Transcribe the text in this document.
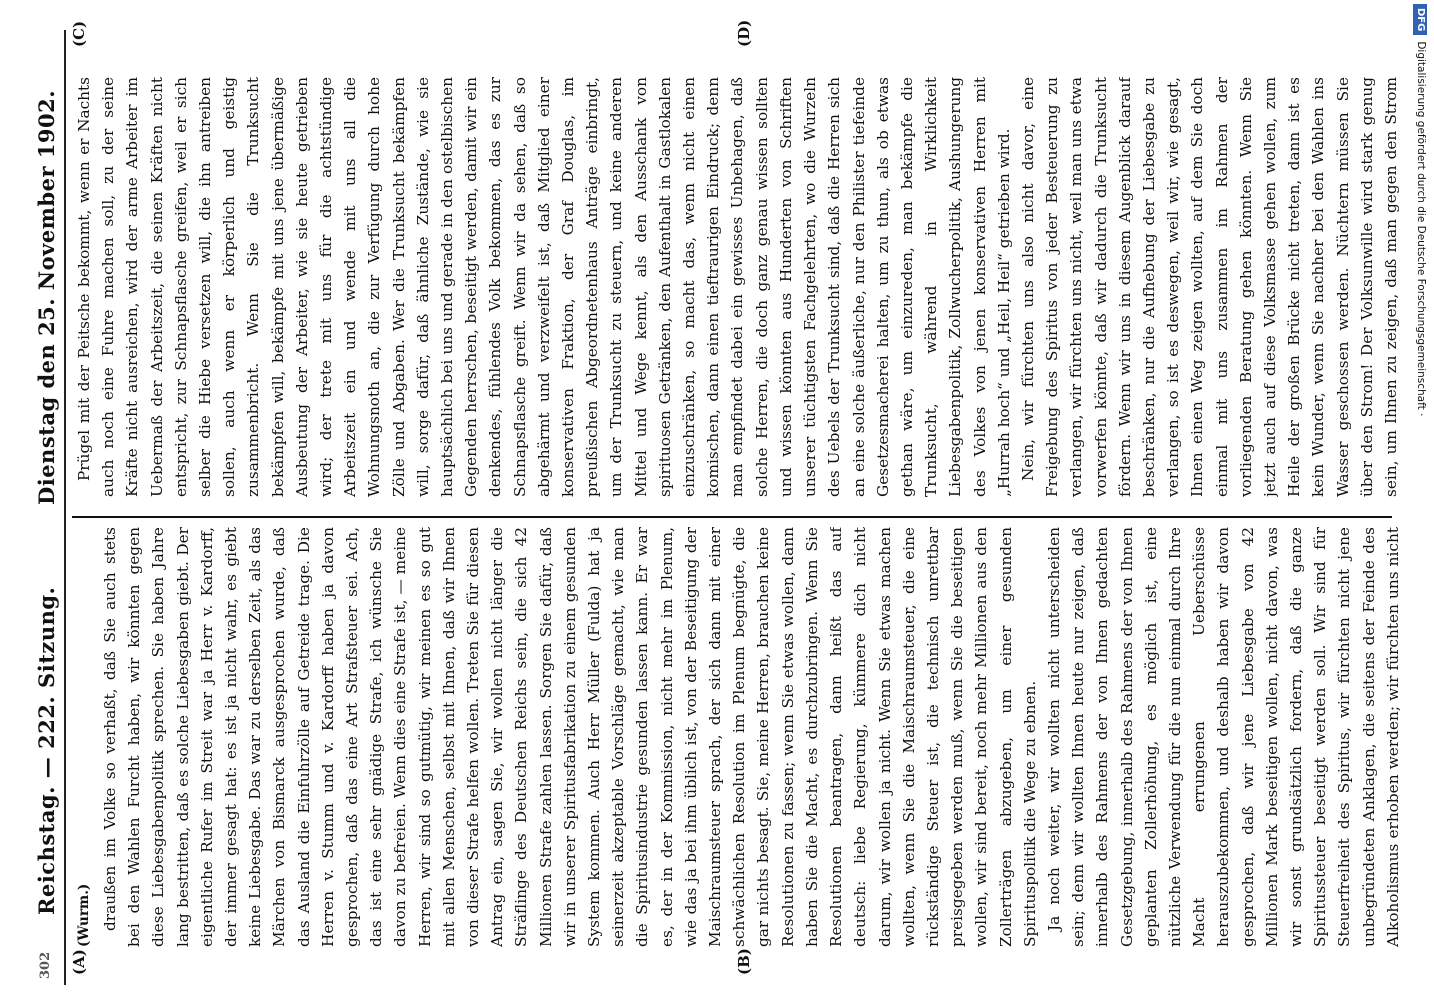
302
Reichstag. — 222. Sitzung.
Dienstag den 25. November 1902.
(A)	(B)
(C)	(D)
(Wurm.) draußen im Volke so verhaßt, daß Sie auch stets bei den Wahlen Furcht haben, wir könnten gegen diese Liebesgabenpolitik sprechen. Sie haben Jahre lang bestritten, daß es solche Liebesgaben giebt. Der eigentliche Rufer im Streit war ja Herr v. Kardorff, der immer gesagt hat: es ist ja nicht wahr, es giebt keine Liebesgabe. Das war zu derselben Zeit, als das Märchen von Bismarck ausgesprochen wurde, daß das Ausland die Einfuhrzölle auf Getreide trage. Die Herren v. Stumm und v. Kardorff haben ja davon gesprochen, daß das eine Art Strafsteuer sei. Ach, das ist eine sehr gnädige Strafe, ich wünsche Sie davon zu befreien. Wenn dies eine Strafe ist, — meine Herren, wir sind so gutmütig, wir meinen es so gut mit allen Menschen, selbst mit Ihnen, daß wir Ihnen von dieser Strafe helfen wollen. Treten Sie für diesen Antrag ein, sagen Sie, wir wollen nicht länger die Sträflinge des Deutschen Reichs sein, die sich 42 Millionen Strafe zahlen lassen. Sorgen Sie dafür, daß wir in unserer Spiritusfabrikation zu einem gesunden System kommen. Auch Herr Müller (Fulda) hat ja seinerzeit akzeptable Vorschläge gemacht, wie man die Spiritusindustrie gesunden lassen kann. Er war es, der in der Kommission, nicht mehr im Plenum, wie das ja bei ihm üblich ist, von der Beseitigung der Maischraumsteuer sprach, der sich dann mit einer schwächlichen Resolution im Plenum begnügte, die gar nichts besagt. Sie, meine Herren, brauchen keine Resolutionen zu fassen; wenn Sie etwas wollen, dann haben Sie die Macht, es durchzubringen. Wenn Sie Resolutionen beantragen, dann heißt das auf deutsch: liebe Regierung, kümmere dich nicht darum, wir wollen ja nicht. Wenn Sie etwas machen wollten, wenn Sie die Maischraumsteuer, die eine rückständige Steuer ist, die technisch unrettbar preisgegeben werden muß, wenn Sie die beseitigen wollen, wir sind bereit, noch mehr Millionen aus den Zollerträgen abzugeben, um einer gesunden Spirituspolitik die Wege zu ebnen. Ja noch weiter, wir wollten nicht unterscheiden sein; denn wir wollten Ihnen heute nur zeigen, daß innerhalb des Rahmens der von Ihnen gedachten Gesetzgebung, innerhalb des Rahmens der von Ihnen geplanten Zollerhöhung, es möglich ist, eine nützliche Verwendung für die nun einmal durch Ihre Macht errungenen Ueberschüsse herauszubekommen, und deshalb haben wir davon gesprochen, daß wir jene Liebesgabe von 42 Millionen Mark beseitigen wollen, nicht davon, was wir sonst grundsätzlich fordern, daß die ganze Spiritussteuer beseitigt werden soll. Wir sind für Steuerfreiheit des Spiritus, wir fürchten nicht jene unbegründeten Anklagen, die seitens der Feinde des Alkoholismus erhoben werden; wir fürchten uns nicht

Prügel mit der Peitsche bekommt, wenn er Nachts auch noch eine Fuhre machen soll, zu der seine Kräfte nicht ausreichen, wird der arme Arbeiter im Uebermaß der Arbeitszeit, die seinen Kräften nicht entspricht, zur Schnapsflasche greifen, weil er sich selber die Hiebe versetzen will, die ihn antreiben sollen, auch wenn er körperlich und geistig zusammenbricht. Wenn Sie die Trunksucht bekämpfen will, bekämpfe mit uns jene übermäßige Ausbeutung der Arbeiter, wie sie heute getrieben wird; der trete mit uns für die achtstündige Arbeitszeit ein und wende mit uns all die Wohnungsnoth an, die zur Verfügung durch hohe Zölle und Abgaben. Wer die Trunksucht bekämpfen will, sorge dafür, daß ähnliche Zustände, wie sie hauptsächlich bei uns und gerade in den ostelbischen Gegenden herrschen, beseitigt werden, damit wir ein denkendes, fühlendes Volk bekommen, das es zur Schnapsflasche greift. Wenn wir da sehen, daß so abgehärmt und verzweifelt ist, daß Mitglied einer konservativen Fraktion, der Graf Douglas, im preußischen Abgeordnetenhaus Anträge einbringt, um der Trunksucht zu steuern, und keine anderen Mittel und Wege kennt, als den Ausschank von spirituosen Getränken, den Aufenthalt in Gastlokalen einzuschränken, so macht das, wenn nicht einen komischen, dann einen tieftraurigen Eindruck; denn man empfindet dabei ein gewisses Unbehagen, daß solche Herren, die doch ganz genau wissen sollten und wissen könnten aus Hunderten von Schriften unserer tüchtigsten Fachgelehrten, wo die Wurzeln des Uebels der Trunksucht sind, daß die Herren sich an eine solche äußerliche, nur den Philister tiefeinde Gesetzesmacherei halten, um zu thun, als ob etwas gethan wäre, um einzureden, man bekämpfe die Trunksucht, während in Wirklichkeit Liebesgabenpolitik, Zollwucherpolitik, Aushungerung des Volkes von jenen konservativen Herren mit „Hurrah hoch“ und „Heil, Heil“ getrieben wird. Nein, wir fürchten uns also nicht davor, eine Freigebung des Spiritus von jeder Besteuerung zu verlangen, wir fürchten uns nicht, weil man uns etwa vorwerfen könnte, daß wir dadurch die Trunksucht fördern. Wenn wir uns in diesem Augenblick darauf beschränken, nur die Aufhebung der Liebesgabe zu verlangen, so ist es deswegen, weil wir, wie gesagt, Ihnen einen Weg zeigen wollten, auf dem Sie doch einmal mit uns zusammen im Rahmen der vorliegenden Beratung gehen könnten. Wenn Sie jetzt auch auf diese Volksmasse gehen wollen, zum Heile der großen Brücke nicht treten, dann ist es kein Wunder, wenn Sie nachher bei den Wahlen ins Wasser geschossen werden. Nüchtern müssen Sie über den Strom! Der Volksunwille wird stark genug sein, um Ihnen zu zeigen, daß man gegen den Strom

DFGDigitalisierung gefördert durch die Deutsche Forschungsgemeinschaft ·
